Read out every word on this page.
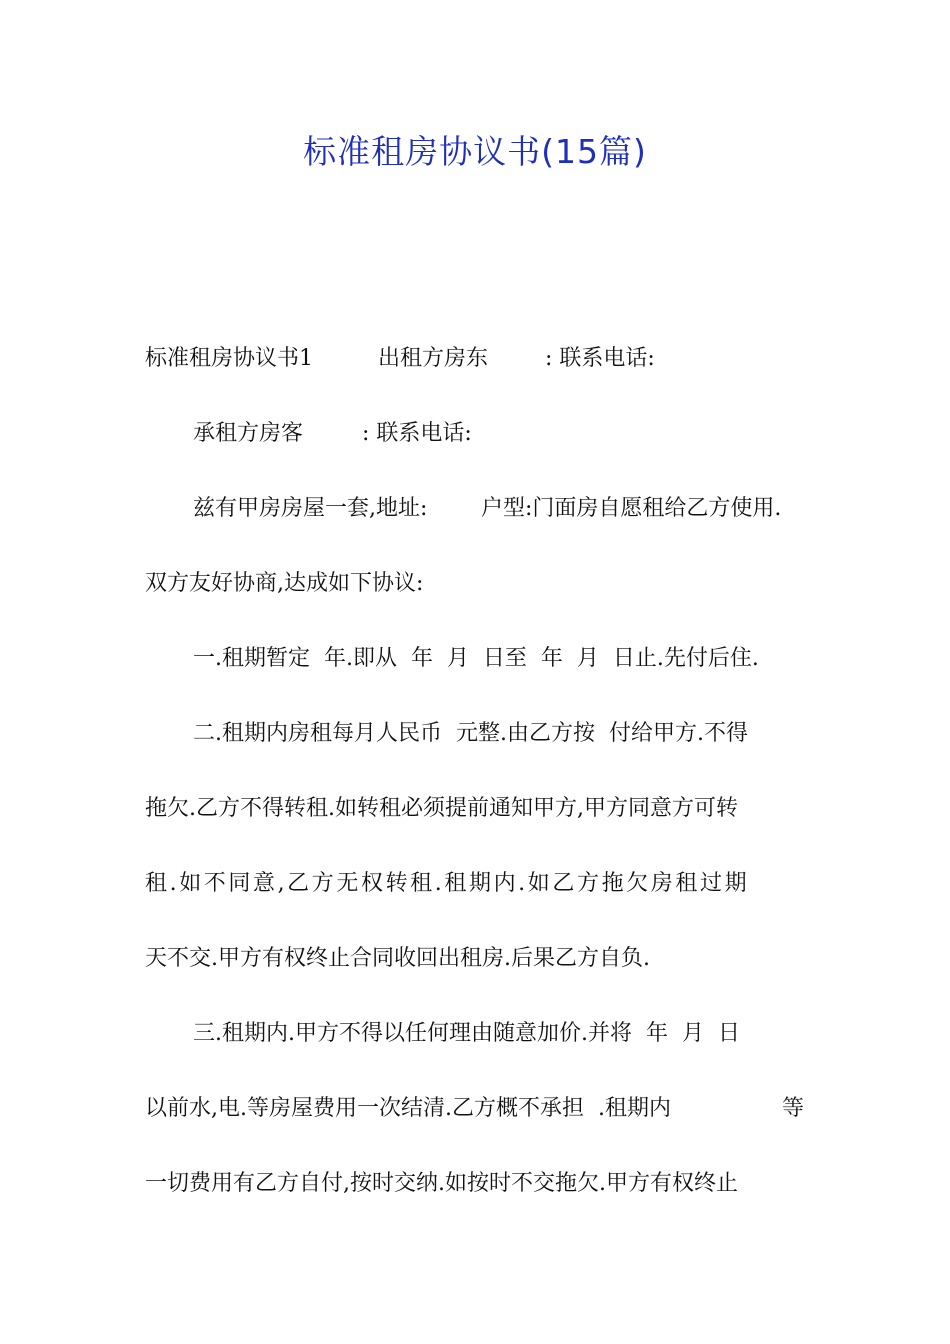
标准租房协议书(15篇)
标准租房协议书1	出租方房东	: 联系电话:
承租方房客	: 联系电话:
兹有甲房房屋一套,地址: 户型:门面房自愿租给乙方使用.
双方友好协商,达成如下协议:
一.租期暂定  年.即从  年  月  日至  年  月  日止.先付后住.
二.租期内房租每月人民币  元整.由乙方按  付给甲方.不得
拖欠.乙方不得转租.如转租必须提前通知甲方,甲方同意方可转
租.如不同意,乙方无权转租.租期内.如乙方拖欠房租过期
天不交.甲方有权终止合同收回出租房.后果乙方自负.
三.租期内.甲方不得以任何理由随意加价.并将  年  月  日
以前水,电.等房屋费用一次结清.乙方概不承担  .租期内	等
一切费用有乙方自付,按时交纳.如按时不交拖欠.甲方有权终止
